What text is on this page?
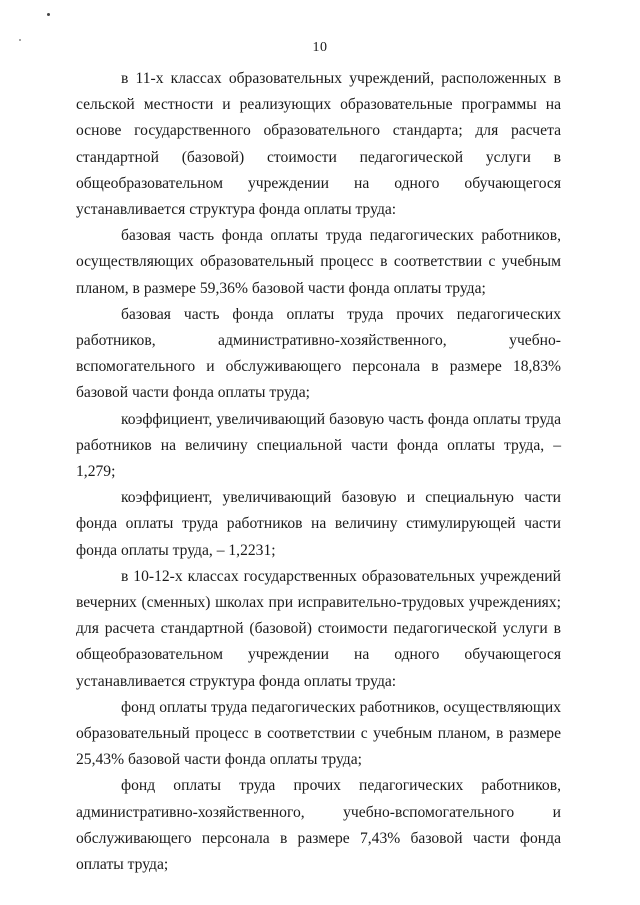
10

в 11-х классах образовательных учреждений, расположенных в сельской местности и реализующих образовательные программы на основе государственного образовательного стандарта; для расчета стандартной (базовой) стоимости педагогической услуги в общеобразовательном учреждении на одного обучающегося устанавливается структура фонда оплаты труда:

базовая часть фонда оплаты труда педагогических работников, осуществляющих образовательный процесс в соответствии с учебным планом, в размере 59,36% базовой части фонда оплаты труда;

базовая часть фонда оплаты труда прочих педагогических работников, административно-хозяйственного, учебно-вспомогательного и обслуживающего персонала в размере 18,83% базовой части фонда оплаты труда;

коэффициент, увеличивающий базовую часть фонда оплаты труда работников на величину специальной части фонда оплаты труда, – 1,279;

коэффициент, увеличивающий базовую и специальную части фонда оплаты труда работников на величину стимулирующей части фонда оплаты труда, – 1,2231;

в 10-12-х классах государственных образовательных учреждений вечерних (сменных) школах при исправительно-трудовых учреждениях; для расчета стандартной (базовой) стоимости педагогической услуги в общеобразовательном учреждении на одного обучающегося устанавливается структура фонда оплаты труда:

фонд оплаты труда педагогических работников, осуществляющих образовательный процесс в соответствии с учебным планом, в размере 25,43% базовой части фонда оплаты труда;

фонд оплаты труда прочих педагогических работников, административно-хозяйственного, учебно-вспомогательного и обслуживающего персонала в размере 7,43% базовой части фонда оплаты труда;
